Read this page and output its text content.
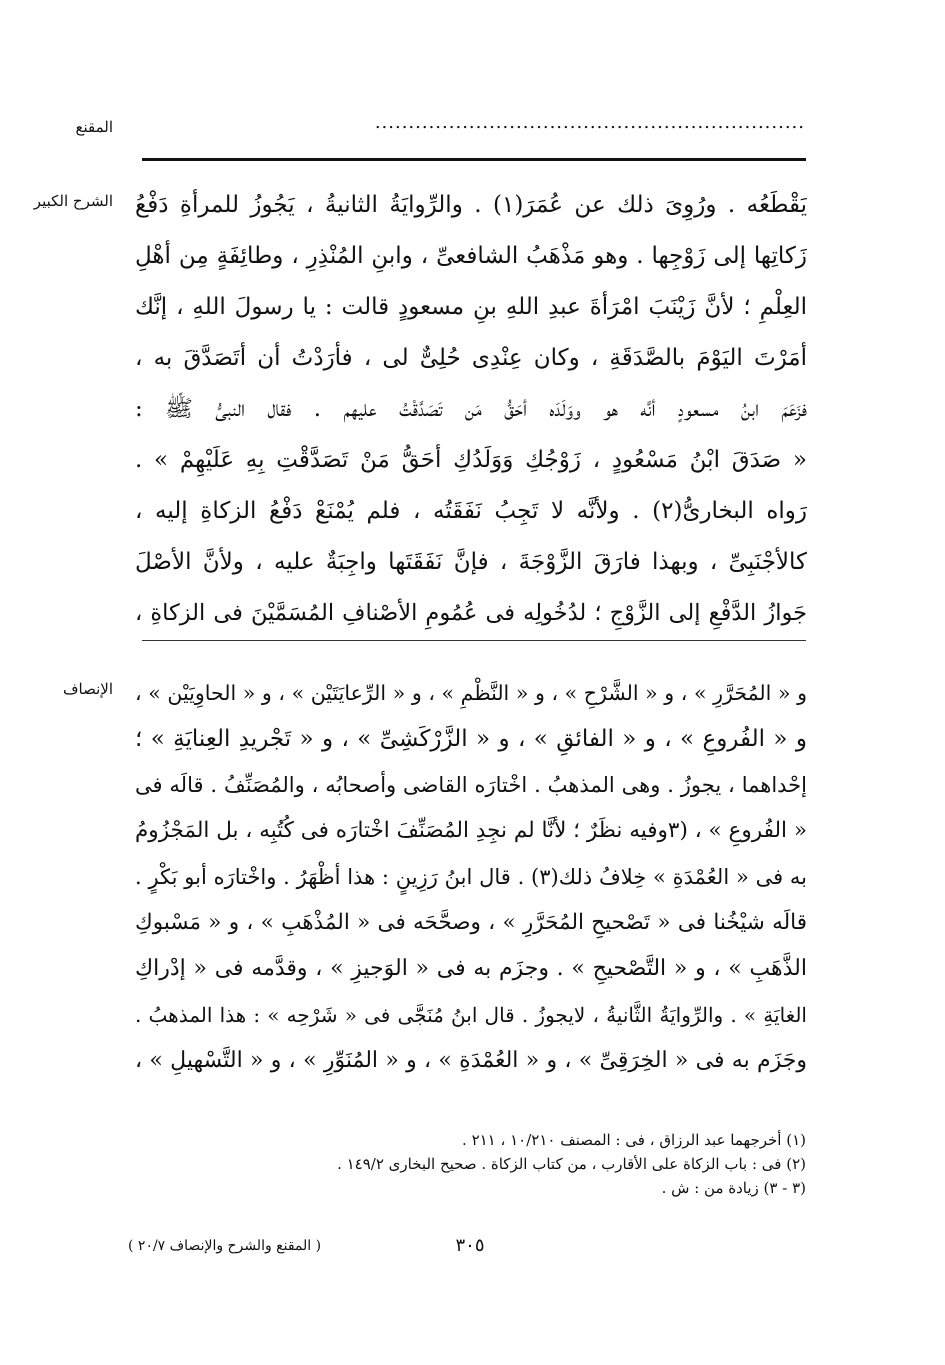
المقنع	................................................................
الشرح الكبير يَقْطَعُه . ورُوِىَ ذلك عن عُمَرَ(١) . والرِّوايَةُ الثانيةُ ، يَجُوزُ للمرأةِ دَفْعُ
زَكاتِها إلى زَوْجِها . وهو مَذْهَبُ الشافعىِّ ، وابنِ المُنْذِرِ ، وطائِفَةٍ مِن أهْلِ
العِلْمِ ؛ لأنَّ زَيْنَبَ امْرَأةَ عبدِ اللهِ بنِ مسعودٍ قالت : يا رسولَ اللهِ ، إنَّك
أمَرْتَ اليَوْمَ بالصَّدَقَةِ ، وكان عِنْدِى حُلِىٌّ لى ، فأرَدْتُ أن أتَصَدَّقَ به ،
فزَعَمَ ابنُ مسعودٍ أنَّه هو ووَلَدَه أحَقُّ مَن تَصَدَّقْتُ عليهم . فقال النبىُّ ﷺ :
« صَدَقَ ابْنُ مَسْعُودٍ ، زَوْجُكِ وَوَلَدُكِ أحَقُّ مَنْ تَصَدَّقْتِ بِهِ عَلَيْهِمْ » .
رَواه البخارىُّ(٢) . ولأنَّه لا تَجِبُ نَفَقَتُه ، فلم يُمْنَعْ دَفْعُ الزكاةِ إليه ،
كالأجْنَبِىِّ ، وبهذا فارَقَ الزَّوْجَةَ ، فإنَّ نَفَقَتَها واجِبَةٌ عليه ، ولأنَّ الأصْلَ
جَوازُ الدَّفْعِ إلى الزَّوْجِ ؛ لدُخُولِه فى عُمُومِ الأصْنافِ المُسَمَّيْنَ فى الزكاةِ ،
الإنصاف و « المُحَرَّرِ » ، و « الشَّرْحِ » ، و « النَّظْمِ » ، و « الرِّعايَتَيْن » ، و « الحاوِيَيْن » ،
و « الفُروعِ » ، و « الفائقِ » ، و « الزَّرْكَشِىِّ » ، و « تَجْريدِ العِنايَةِ » ؛
إحْداهما ، يجوزُ . وهى المذهبُ . اخْتارَه القاضى وأصحابُه ، والمُصَنِّفُ . قالَه فى
« الفُروعِ » ، (٣وفيه نظَرٌ ؛ لأنَّا لم نجِدِ المُصَنِّفَ اخْتارَه فى كُتُبِه ، بل المَجْزُومُ
به فى « العُمْدَةِ » خِلافُ ذلك(٣) . قال ابنُ رَزِينٍ : هذا أظْهَرُ . واخْتارَه أبو بَكْرٍ .
قالَه شيْخُنا فى « تَصْحيحِ المُحَرَّرِ » ، وصحَّحَه فى « المُذْهَبِ » ، و « مَسْبوكِ
الذَّهَبِ » ، و « التَّصْحيحِ » . وجزَم به فى « الوَجيزِ » ، وقدَّمه فى « إدْراكِ
الغايَةِ » . والرِّوايَةُ الثَّانيةُ ، لايجوزُ . قال ابنُ مُنَجَّى فى « شَرْحِه » : هذا المذهبُ .
وجَزَم به فى « الخِرَقِىِّ » ، و « العُمْدَةِ » ، و « المُنَوِّرِ » ، و « التَّسْهيلِ » ،
(١) أخرجهما عبد الرزاق ، فى : المصنف ١٠/٢١٠ ، ٢١١ .
(٢) فى : باب الزكاة على الأقارب ، من كتاب الزكاة . صحيح البخارى ١٤٩/٢ .
(٣ - ٣) زيادة من : ش .
٣٠٥
( المقنع والشرح والإنصاف ٢٠/٧ )
